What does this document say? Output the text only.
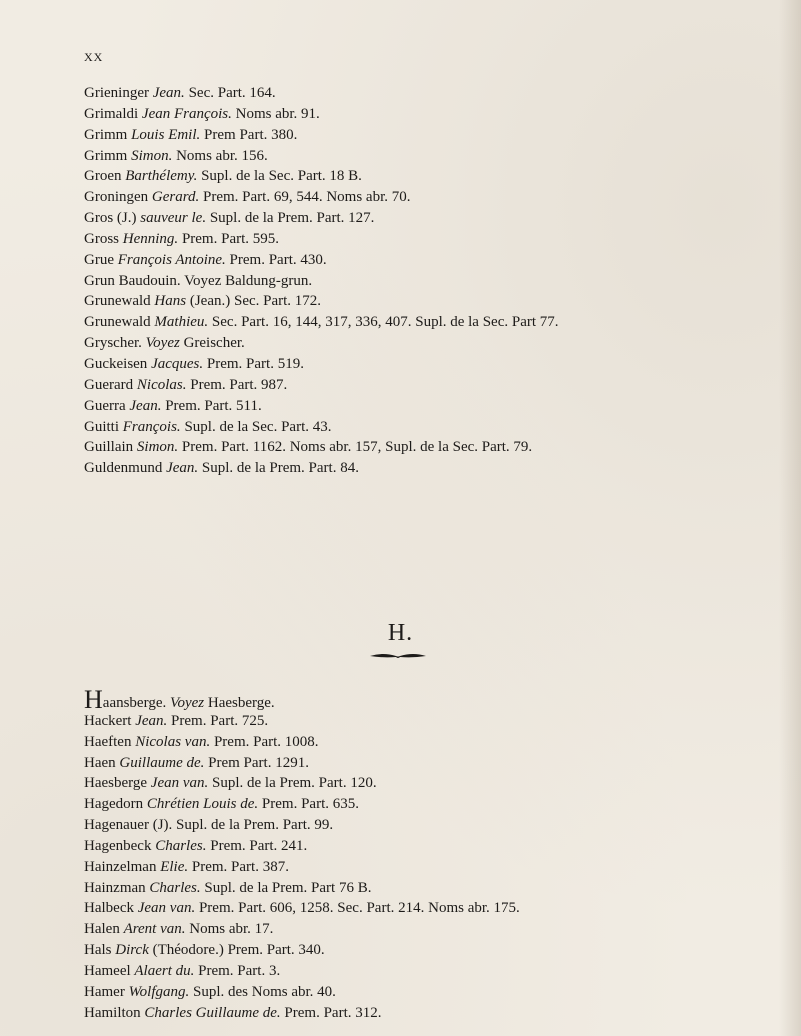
XX
Grieninger Jean. Sec. Part. 164.
Grimaldi Jean François. Noms abr. 91.
Grimm Louis Emil. Prem Part. 380.
Grimm Simon. Noms abr. 156.
Groen Barthélemy. Supl. de la Sec. Part. 18 B.
Groningen Gerard. Prem. Part. 69, 544. Noms abr. 70.
Gros (J.) sauveur le. Supl. de la Prem. Part. 127.
Gross Henning. Prem. Part. 595.
Grue François Antoine. Prem. Part. 430.
Grun Baudouin. Voyez Baldung-grun.
Grunewald Hans (Jean.) Sec. Part. 172.
Grunewald Mathieu. Sec. Part. 16, 144, 317, 336, 407. Supl. de la Sec. Part 77.
Gryscher. Voyez Greischer.
Guckeisen Jacques. Prem. Part. 519.
Guerard Nicolas. Prem. Part. 987.
Guerra Jean. Prem. Part. 511.
Guitti François. Supl. de la Sec. Part. 43.
Guillain Simon. Prem. Part. 1162. Noms abr. 157, Supl. de la Sec. Part. 79.
Guldenmund Jean. Supl. de la Prem. Part. 84.
H.
Haansberge. Voyez Haesberge.
Hackert Jean. Prem. Part. 725.
Haeften Nicolas van. Prem. Part. 1008.
Haen Guillaume de. Prem Part. 1291.
Haesberge Jean van. Supl. de la Prem. Part. 120.
Hagedorn Chrétien Louis de. Prem. Part. 635.
Hagenauer (J). Supl. de la Prem. Part. 99.
Hagenbeck Charles. Prem. Part. 241.
Hainzelman Elie. Prem. Part. 387.
Hainzman Charles. Supl. de la Prem. Part 76 B.
Halbeck Jean van. Prem. Part. 606, 1258. Sec. Part. 214. Noms abr. 175.
Halen Arent van. Noms abr. 17.
Hals Dirck (Théodore.) Prem. Part. 340.
Hameel Alaert du. Prem. Part. 3.
Hamer Wolfgang. Supl. des Noms abr. 40.
Hamilton Charles Guillaume de. Prem. Part. 312.
